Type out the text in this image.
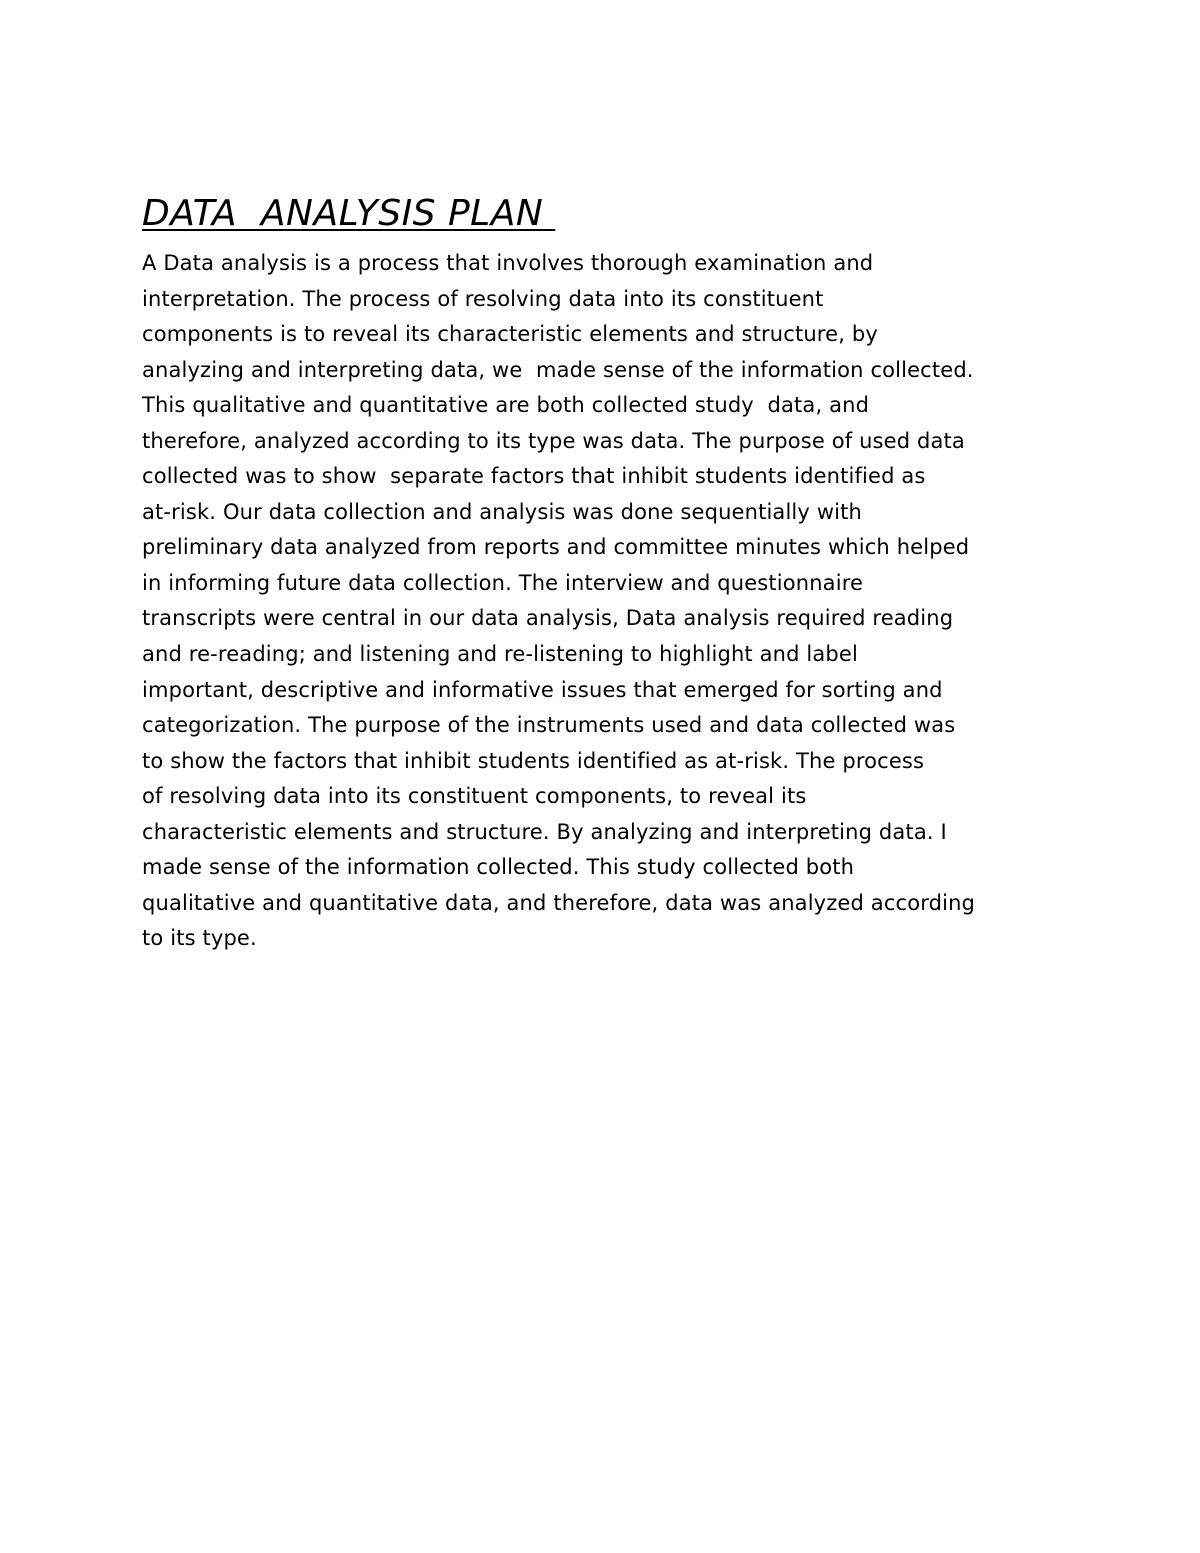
DATA  ANALYSIS PLAN
A Data analysis is a process that involves thorough examination and
interpretation. The process of resolving data into its constituent
components is to reveal its characteristic elements and structure, by
analyzing and interpreting data, we  made sense of the information collected.
This qualitative and quantitative are both collected study  data, and
therefore, analyzed according to its type was data. The purpose of used data
collected was to show  separate factors that inhibit students identified as
at-risk. Our data collection and analysis was done sequentially with
preliminary data analyzed from reports and committee minutes which helped
in informing future data collection. The interview and questionnaire
transcripts were central in our data analysis, Data analysis required reading
and re-reading; and listening and re-listening to highlight and label
important, descriptive and informative issues that emerged for sorting and
categorization. The purpose of the instruments used and data collected was
to show the factors that inhibit students identified as at-risk. The process
of resolving data into its constituent components, to reveal its
characteristic elements and structure. By analyzing and interpreting data. I
made sense of the information collected. This study collected both
qualitative and quantitative data, and therefore, data was analyzed according
to its type.
